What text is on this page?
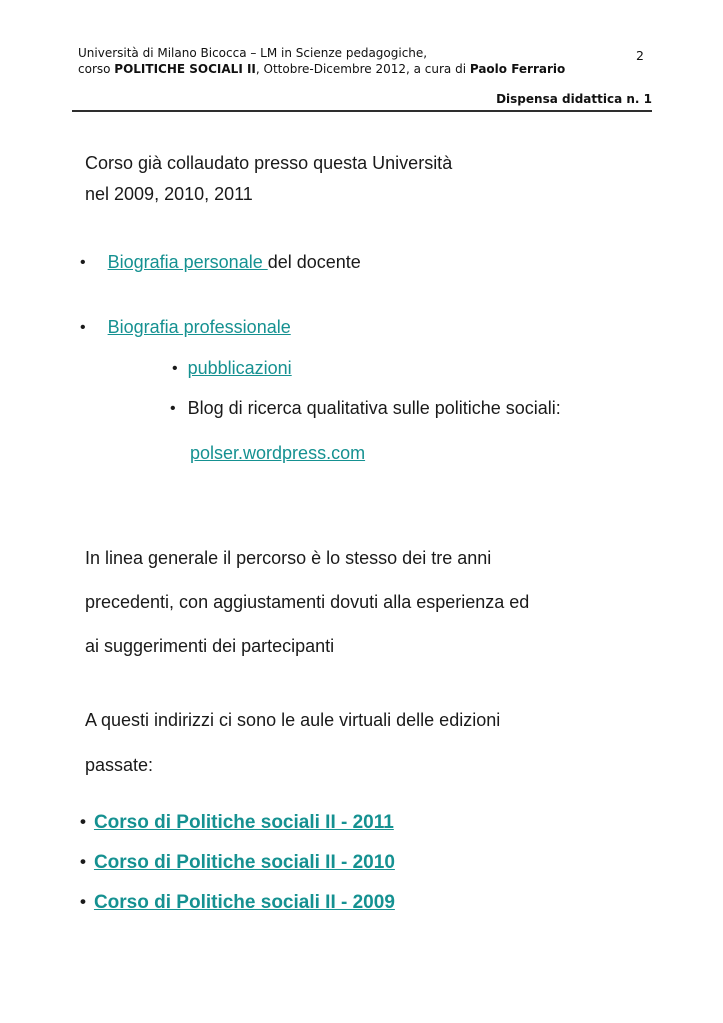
Università di Milano Bicocca – LM in Scienze pedagogiche,
corso POLITICHE SOCIALI II, Ottobre-Dicembre 2012, a cura di Paolo Ferrario
2
Dispensa didattica n. 1
Corso già collaudato presso questa Università
nel 2009, 2010, 2011
• Biografia personale del docente
• Biografia professionale
• pubblicazioni
• Blog di ricerca qualitativa sulle politiche sociali:
polser.wordpress.com
In linea generale il percorso è lo stesso dei tre anni
precedenti, con aggiustamenti dovuti alla esperienza ed
ai suggerimenti dei partecipanti
A questi indirizzi ci sono le aule virtuali delle edizioni
passate:
• Corso di Politiche sociali II - 2011
• Corso di Politiche sociali II - 2010
• Corso di Politiche sociali II - 2009
